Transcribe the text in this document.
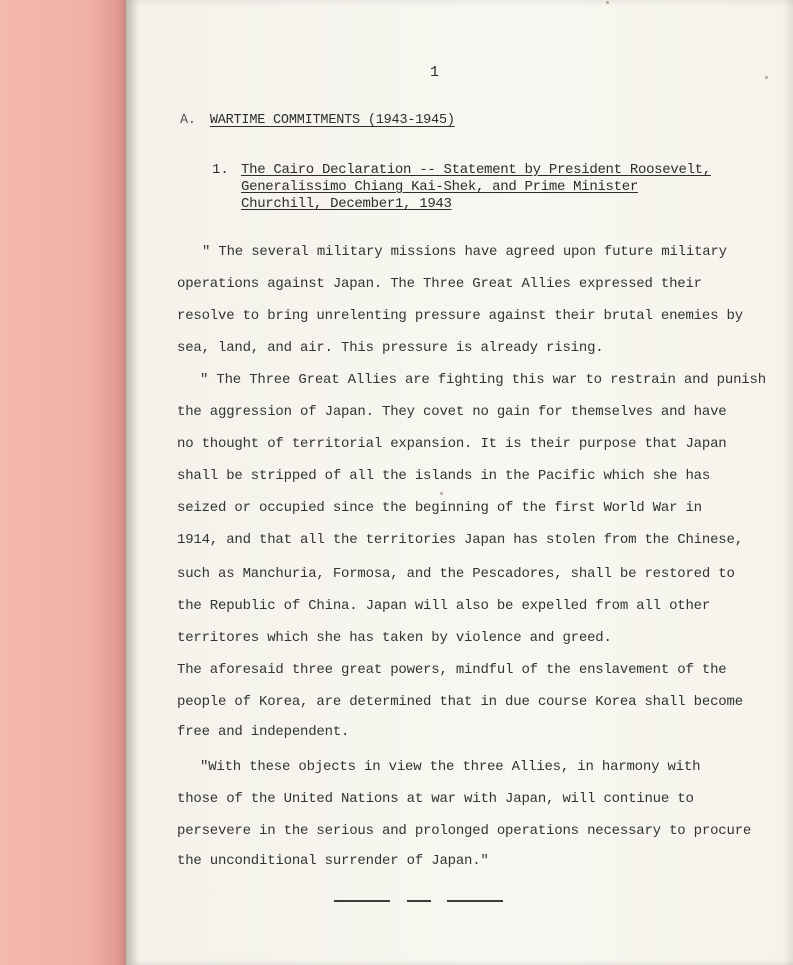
1
A. WARTIME COMMITMENTS (1943-1945)
1. The Cairo Declaration -- Statement by President Roosevelt,
Generalissimo Chiang Kai-Shek, and Prime Minister
Churchill, December1, 1943
" The several military missions have agreed upon future military
operations against Japan. The Three Great Allies expressed their
resolve to bring unrelenting pressure against their brutal enemies by
sea, land, and air. This pressure is already rising.
" The Three Great Allies are fighting this war to restrain and punish
the aggression of Japan. They covet no gain for themselves and have
no thought of territorial expansion. It is their purpose that Japan
shall be stripped of all the islands in the Pacific which she has
seized or occupied since the beginning of the first World War in
1914, and that all the territories Japan has stolen from the Chinese,
such as Manchuria, Formosa, and the Pescadores, shall be restored to
the Republic of China. Japan will also be expelled from all other
territores which she has taken by violence and greed.
The aforesaid three great powers, mindful of the enslavement of the
people of Korea, are determined that in due course Korea shall become
free and independent.
"With these objects in view the three Allies, in harmony with
those of the United Nations at war with Japan, will continue to
persevere in the serious and prolonged operations necessary to procure
the unconditional surrender of Japan."
